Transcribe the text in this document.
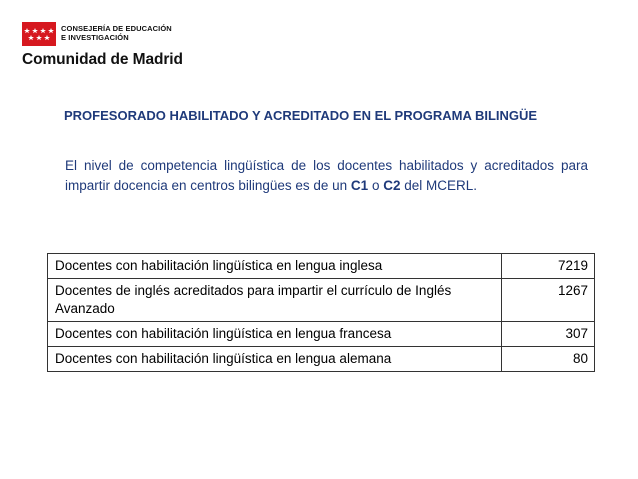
CONSEJERÍA DE EDUCACIÓN
E INVESTIGACIÓN
Comunidad de Madrid
PROFESORADO HABILITADO Y ACREDITADO EN EL PROGRAMA BILINGÜE
El nivel de competencia lingüística de los docentes habilitados y acreditados para impartir docencia en centros bilingües es de un C1 o C2 del MCERL.
Docentes con habilitación lingüística en lengua inglesa	7219
Docentes de inglés acreditados para impartir el currículo de Inglés Avanzado	1267
Docentes con habilitación lingüística en lengua francesa	307
Docentes con habilitación lingüística en lengua alemana	80
